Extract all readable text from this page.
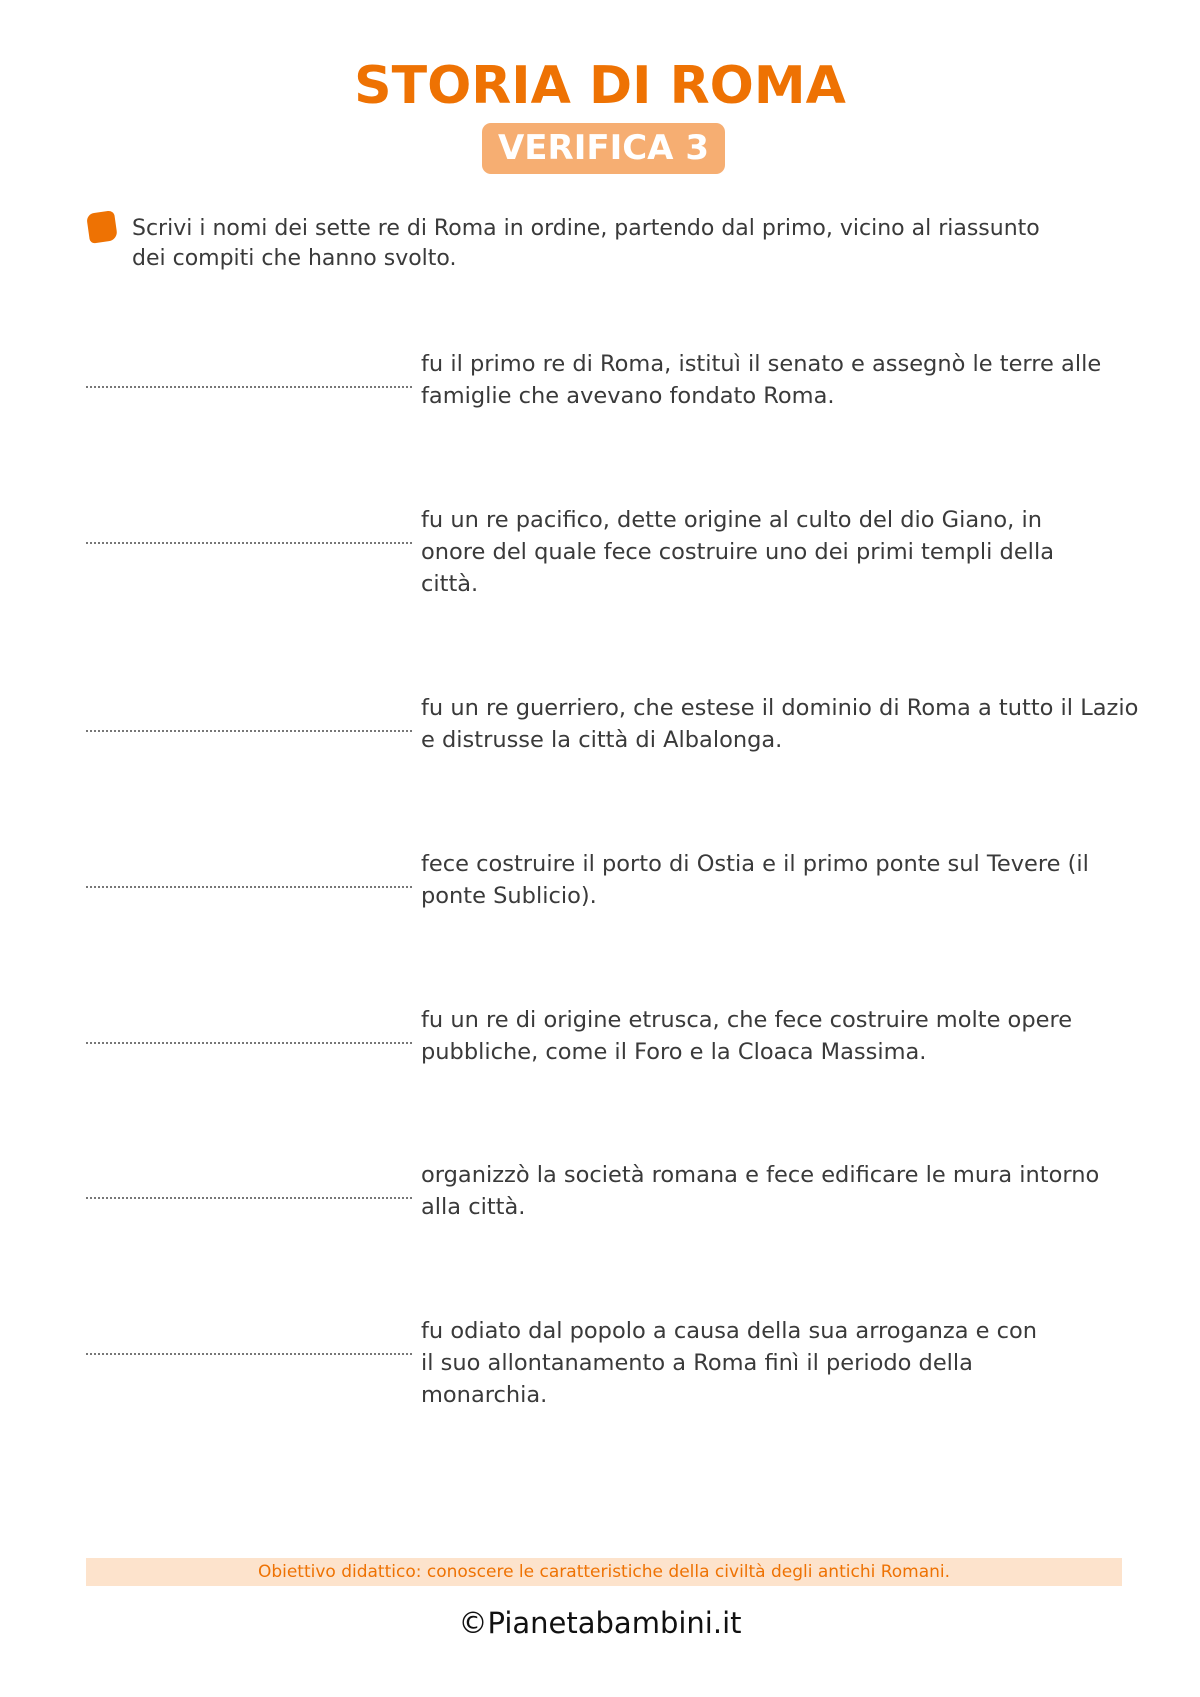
STORIA DI ROMA
VERIFICA 3
Scrivi i nomi dei sette re di Roma in ordine, partendo dal primo, vicino al riassunto dei compiti che hanno svolto.
fu il primo re di Roma, istituì il senato e assegnò le terre alle famiglie che avevano fondato Roma.
fu un re pacifico, dette origine al culto del dio Giano, in onore del quale fece costruire uno dei primi templi della città.
fu un re guerriero, che estese il dominio di Roma a tutto il Lazio e distrusse la città di Albalonga.
fece costruire il porto di Ostia e il primo ponte sul Tevere (il ponte Sublicio).
fu un re di origine etrusca, che fece costruire molte opere pubbliche, come il Foro e la Cloaca Massima.
organizzò la società romana e fece edificare le mura intorno alla città.
fu odiato dal popolo a causa della sua arroganza e con il suo allontanamento a Roma finì il periodo della monarchia.
Obiettivo didattico: conoscere le caratteristiche della civiltà degli antichi Romani.
©Pianetabambini.it
